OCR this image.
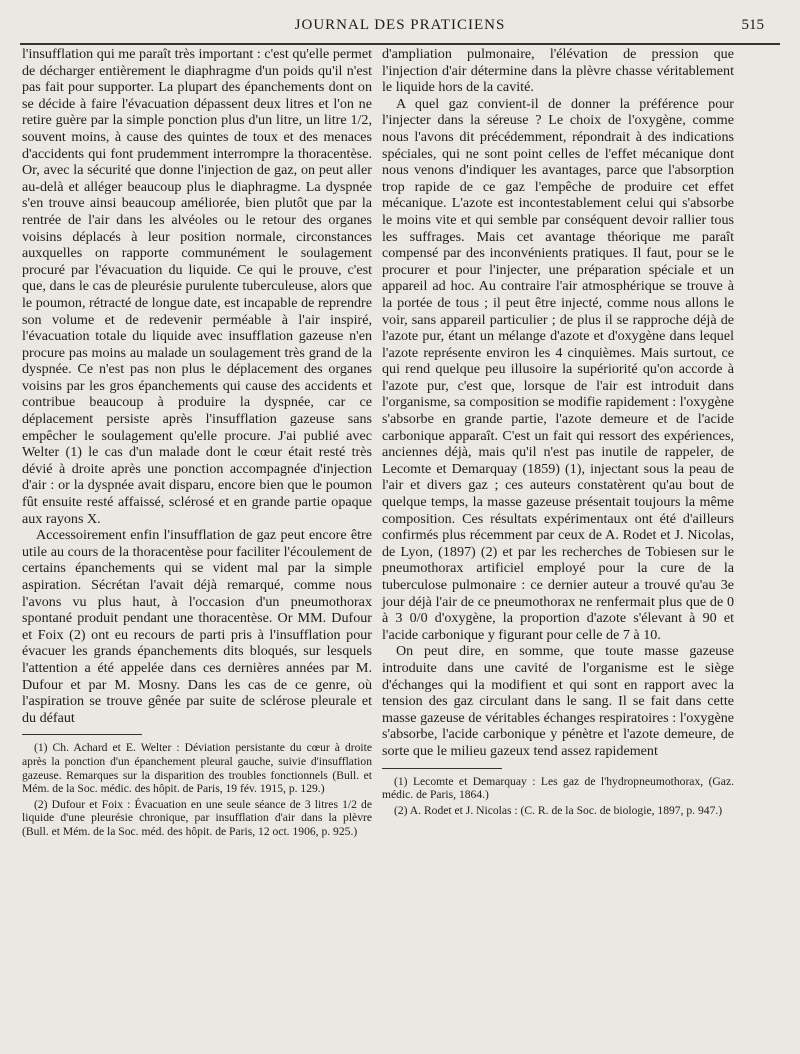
JOURNAL DES PRATICIENS	515

l'insufflation qui me paraît très important : c'est qu'elle permet de décharger entièrement le diaphragme d'un poids qu'il n'est pas fait pour supporter. La plupart des épanchements dont on se décide à faire l'évacuation dépassent deux litres et l'on ne retire guère par la simple ponction plus d'un litre, un litre 1/2, souvent moins, à cause des quintes de toux et des menaces d'accidents qui font prudemment interrompre la thoracentèse. Or, avec la sécurité que donne l'injection de gaz, on peut aller au-delà et alléger beaucoup plus le diaphragme. La dyspnée s'en trouve ainsi beaucoup améliorée, bien plutôt que par la rentrée de l'air dans les alvéoles ou le retour des organes voisins déplacés à leur position normale, circonstances auxquelles on rapporte communément le soulagement procuré par l'évacuation du liquide. Ce qui le prouve, c'est que, dans le cas de pleurésie purulente tuberculeuse, alors que le poumon, rétracté de longue date, est incapable de reprendre son volume et de redevenir perméable à l'air inspiré, l'évacuation totale du liquide avec insufflation gazeuse n'en procure pas moins au malade un soulagement très grand de la dyspnée. Ce n'est pas non plus le déplacement des organes voisins par les gros épanchements qui cause des accidents et contribue beaucoup à produire la dyspnée, car ce déplacement persiste après l'insufflation gazeuse sans empêcher le soulagement qu'elle procure. J'ai publié avec Welter (1) le cas d'un malade dont le cœur était resté très dévié à droite après une ponction accompagnée d'injection d'air : or la dyspnée avait disparu, encore bien que le poumon fût ensuite resté affaissé, sclérosé et en grande partie opaque aux rayons X.

Accessoirement enfin l'insufflation de gaz peut encore être utile au cours de la thoracentèse pour faciliter l'écoulement de certains épanchements qui se vident mal par la simple aspiration. Sécrétan l'avait déjà remarqué, comme nous l'avons vu plus haut, à l'occasion d'un pneumothorax spontané produit pendant une thoracentèse. Or MM. Dufour et Foix (2) ont eu recours de parti pris à l'insufflation pour évacuer les grands épanchements dits bloqués, sur lesquels l'attention a été appelée dans ces dernières années par M. Dufour et par M. Mosny. Dans les cas de ce genre, où l'aspiration se trouve gênée par suite de sclérose pleurale et du défaut

(1) Ch. Achard et E. Welter : Déviation persistante du cœur à droite après la ponction d'un épanchement pleural gauche, suivie d'insufflation gazeuse. Remarques sur la disparition des troubles fonctionnels (Bull. et Mém. de la Soc. médic. des hôpit. de Paris, 19 fév. 1915, p. 129.)

(2) Dufour et Foix : Évacuation en une seule séance de 3 litres 1/2 de liquide d'une pleurésie chronique, par insufflation d'air dans la plèvre (Bull. et Mém. de la Soc. méd. des hôpit. de Paris, 12 oct. 1906, p. 925.)

d'ampliation pulmonaire, l'élévation de pression que l'injection d'air détermine dans la plèvre chasse véritablement le liquide hors de la cavité.

A quel gaz convient-il de donner la préférence pour l'injecter dans la séreuse ? Le choix de l'oxygène, comme nous l'avons dit précédemment, répondrait à des indications spéciales, qui ne sont point celles de l'effet mécanique dont nous venons d'indiquer les avantages, parce que l'absorption trop rapide de ce gaz l'empêche de produire cet effet mécanique. L'azote est incontestablement celui qui s'absorbe le moins vite et qui semble par conséquent devoir rallier tous les suffrages. Mais cet avantage théorique me paraît compensé par des inconvénients pratiques. Il faut, pour se le procurer et pour l'injecter, une préparation spéciale et un appareil ad hoc. Au contraire l'air atmosphérique se trouve à la portée de tous ; il peut être injecté, comme nous allons le voir, sans appareil particulier ; de plus il se rapproche déjà de l'azote pur, étant un mélange d'azote et d'oxygène dans lequel l'azote représente environ les 4 cinquièmes. Mais surtout, ce qui rend quelque peu illusoire la supériorité qu'on accorde à l'azote pur, c'est que, lorsque de l'air est introduit dans l'organisme, sa composition se modifie rapidement : l'oxygène s'absorbe en grande partie, l'azote demeure et de l'acide carbonique apparaît. C'est un fait qui ressort des expériences, anciennes déjà, mais qu'il n'est pas inutile de rappeler, de Lecomte et Demarquay (1859) (1), injectant sous la peau de l'air et divers gaz ; ces auteurs constatèrent qu'au bout de quelque temps, la masse gazeuse présentait toujours la même composition. Ces résultats expérimentaux ont été d'ailleurs confirmés plus récemment par ceux de A. Rodet et J. Nicolas, de Lyon, (1897) (2) et par les recherches de Tobiesen sur le pneumothorax artificiel employé pour la cure de la tuberculose pulmonaire : ce dernier auteur a trouvé qu'au 3e jour déjà l'air de ce pneumothorax ne renfermait plus que de 0 à 3 0/0 d'oxygène, la proportion d'azote s'élevant à 90 et l'acide carbonique y figurant pour celle de 7 à 10.

On peut dire, en somme, que toute masse gazeuse introduite dans une cavité de l'organisme est le siège d'échanges qui la modifient et qui sont en rapport avec la tension des gaz circulant dans le sang. Il se fait dans cette masse gazeuse de véritables échanges respiratoires : l'oxygène s'absorbe, l'acide carbonique y pénètre et l'azote demeure, de sorte que le milieu gazeux tend assez rapidement

(1) Lecomte et Demarquay : Les gaz de l'hydropneumothorax, (Gaz. médic. de Paris, 1864.)

(2) A. Rodet et J. Nicolas : (C. R. de la Soc. de biologie, 1897, p. 947.)
